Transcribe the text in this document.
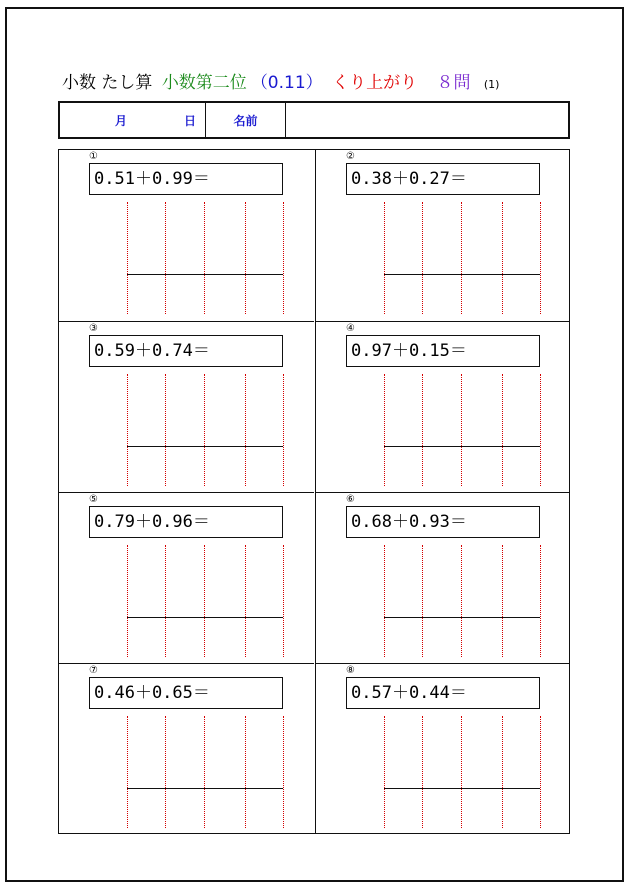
小数 たし算 小数第二位 （0.11） くり上がり ８問 (1)
月	日	名前
①
0.51＋0.99＝
②
0.38＋0.27＝
③
0.59＋0.74＝
④
0.97＋0.15＝
⑤
0.79＋0.96＝
⑥
0.68＋0.93＝
⑦
0.46＋0.65＝
⑧
0.57＋0.44＝
